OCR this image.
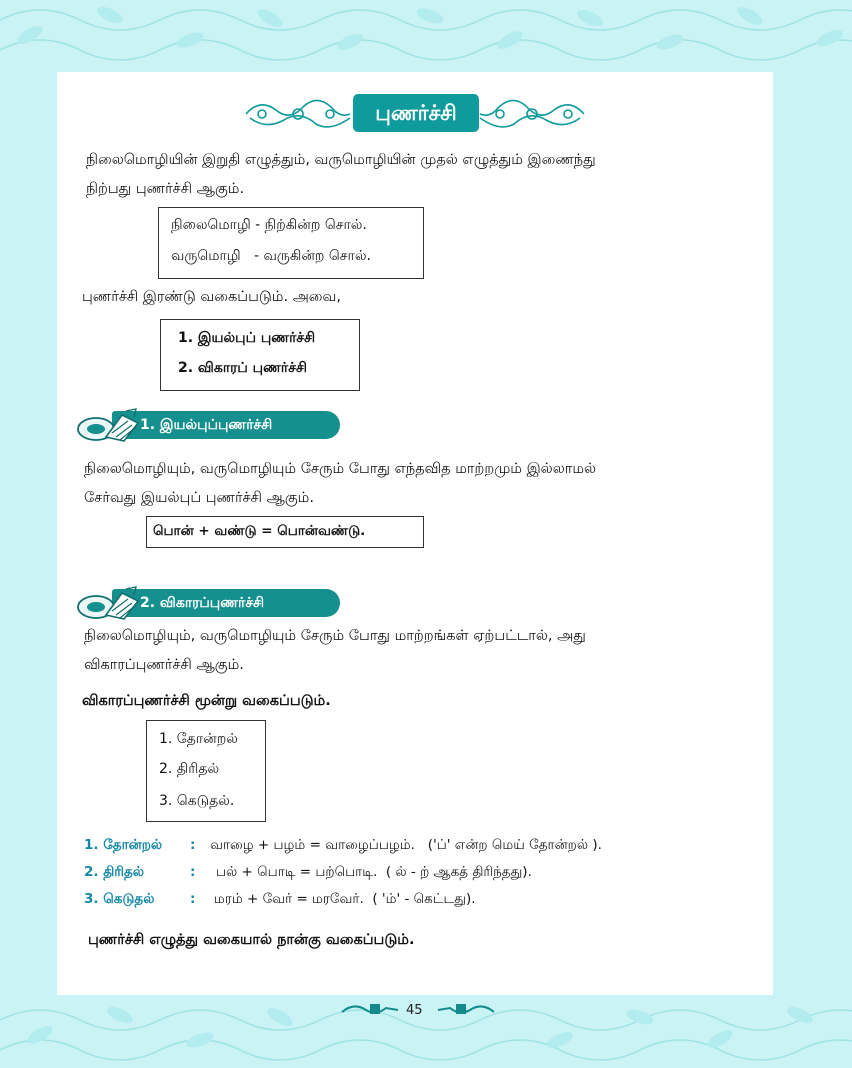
புணர்ச்சி
நிலைமொழியின் இறுதி எழுத்தும், வருமொழியின் முதல் எழுத்தும் இணைந்து
நிற்பது புணர்ச்சி ஆகும்.
நிலைமொழி - நிற்கின்ற சொல்.
வருமொழி   - வருகின்ற சொல்.
புணர்ச்சி இரண்டு வகைப்படும். அவை,
1. இயல்புப் புணர்ச்சி
2. விகாரப் புணர்ச்சி
1. இயல்புப்புணர்ச்சி
நிலைமொழியும், வருமொழியும் சேரும் போது எந்தவித மாற்றமும் இல்லாமல்
சேர்வது இயல்புப் புணர்ச்சி ஆகும்.
பொன் + வண்டு = பொன்வண்டு.
2. விகாரப்புணர்ச்சி
நிலைமொழியும், வருமொழியும் சேரும் போது மாற்றங்கள் ஏற்பட்டால், அது
விகாரப்புணர்ச்சி ஆகும்.
விகாரப்புணர்ச்சி மூன்று வகைப்படும்.
1. தோன்றல்
2. திரிதல்
3. கெடுதல்.
1. தோன்றல் : வாழை + பழம் = வாழைப்பழம்.   ('ப்' என்ற மெய் தோன்றல் ).
2. திரிதல்	: பல் + பொடி = பற்பொடி.  ( ல் - ற் ஆகத் திரிந்தது).
3. கெடுதல்	: மரம் + வேர் = மரவேர்.  ( 'ம்' - கெட்டது).
புணர்ச்சி எழுத்து வகையால் நான்கு வகைப்படும்.
45
